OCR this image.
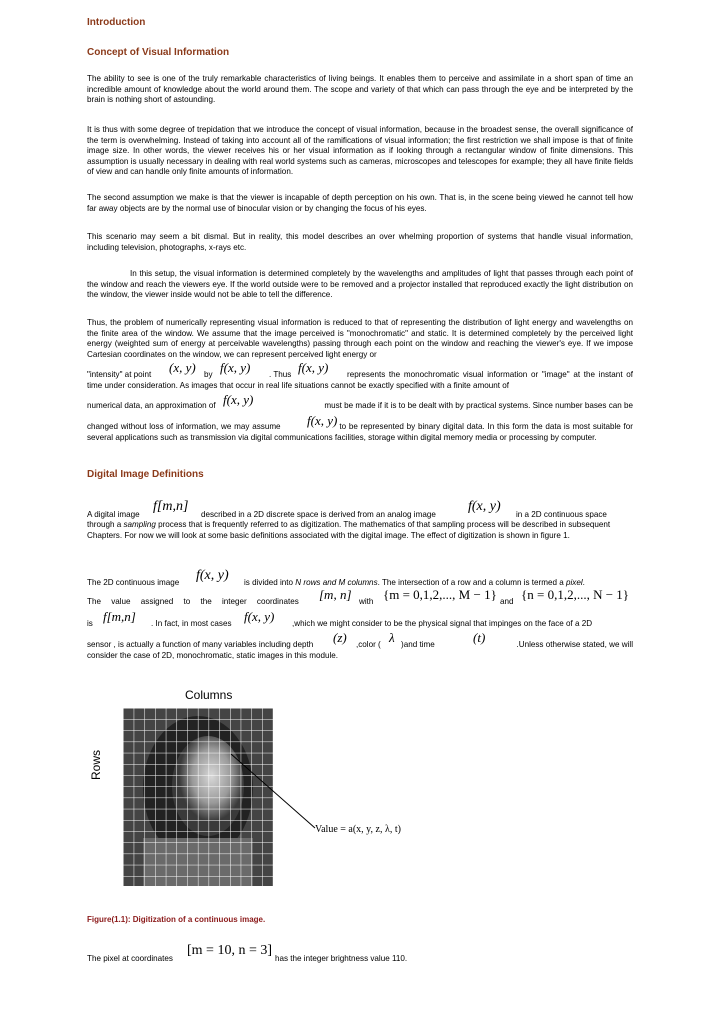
Introduction

Concept of Visual Information

The ability to see is one of the truly remarkable characteristics of living beings. It enables them to perceive and assimilate in a short span of time an incredible amount of knowledge about the world around them. The scope and variety of that which can pass through the eye and be interpreted by the brain is nothing short of astounding.

It is thus with some degree of trepidation that we introduce the concept of visual information, because in the broadest sense, the overall significance of the term is overwhelming. Instead of taking into account all of the ramifications of visual information; the first restriction we shall impose is that of finite image size. In other words, the viewer receives his or her visual information as if looking through a rectangular window of finite dimensions. This assumption is usually necessary in dealing with real world systems such as cameras, microscopes and telescopes for example; they all have finite fields of view and can handle only finite amounts of information.

The second assumption we make is that the viewer is incapable of depth perception on his own. That is, in the scene being viewed he cannot tell how far away objects are by the normal use of binocular vision or by changing the focus of his eyes.

This scenario may seem a bit dismal. But in reality, this model describes an over whelming proportion of systems that handle visual information, including television, photographs, x-rays etc.

In this setup, the visual information is determined completely by the wavelengths and amplitudes of light that passes through each point of the window and reach the viewers eye. If the world outside were to be removed and a projector installed that reproduced exactly the light distribution on the window, the viewer inside would not be able to tell the difference.

Thus, the problem of numerically representing visual information is reduced to that of representing the distribution of light energy and wavelengths on the finite area of the window. We assume that the image perceived is "monochromatic" and static. It is determined completely by the perceived light energy (weighted sum of energy at perceivable wavelengths) passing through each point on the window and reaching the viewer's eye. If we impose Cartesian coordinates on the window, we can represent perceived light energy or

"intensity" at point (x, y) by f(x, y) . Thus f(x, y)	represents the monochromatic visual information or "image" at the instant of time under consideration. As images that occur in real life situations cannot be exactly specified with a finite amount of

numerical data, an approximation of f(x, y)	must be made if it is to be dealt with by practical systems. Since number bases can be
f(x, y)

changed without loss of information, we may assume	to be represented by binary digital data. In this form the data is most suitable for several applications such as transmission via digital communications facilities, storage within digital memory media or processing by computer.

Digital Image Definitions

A digital image
f[m,n]
described in a 2D discrete space is derived from an analog image
f(x, y)
in a 2D continuous space

through a sampling process that is frequently referred to as digitization. The mathematics of that sampling process will be described in subsequent Chapters. For now we will look at some basic definitions associated with the digital image. The effect of digitization is shown in figure 1.

The 2D continuous image f(x, y) is divided into N rows and M columns. The intersection of a row and a column is termed a pixel.
The value assigned to the integer coordinates [m, n] with {m = 0,1,2,..., M − 1} and {n = 0,1,2,..., N − 1}
is f[m,n] . In fact, in most cases f(x, y) ,which we might consider to be the physical signal that impinges on the face of a 2D
sensor , is actually a function of many variables including depth (z) ,color ( λ )and time	(t)	.Unless otherwise stated, we will
consider the case of 2D, monochromatic, static images in this module.
Columns
Rows
Value = a(x, y, z, λ, t)

Figure(1.1): Digitization of a continuous image.

The pixel at coordinates
[m = 10, n = 3]
has the integer brightness value 110.
